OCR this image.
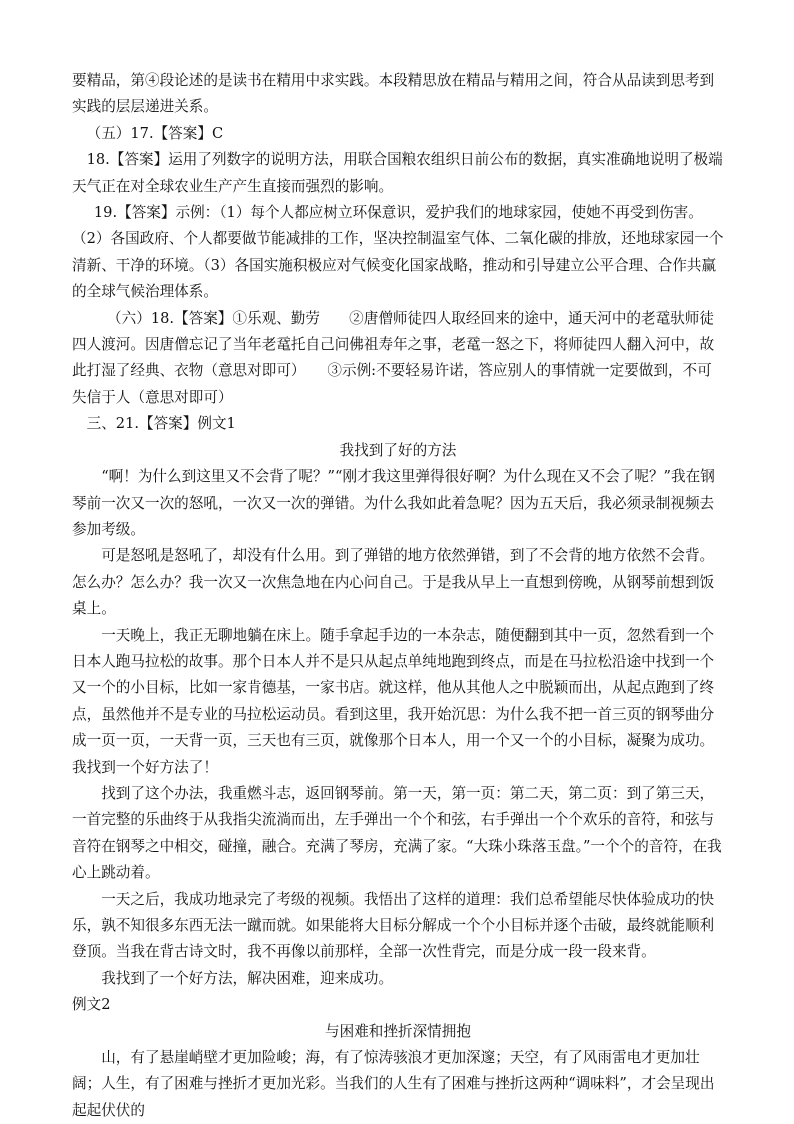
要精品，第④段论述的是读书在精用中求实践。本段精思放在精品与精用之间，符合从品读到思考到实践的层层递进关系。

（五）17.【答案】C

18.【答案】运用了列数字的说明方法，用联合国粮农组织日前公布的数据，真实准确地说明了极端天气正在对全球农业生产产生直接而强烈的影响。

19.【答案】示例：（1）每个人都应树立环保意识，爱护我们的地球家园，使她不再受到伤害。（2）各国政府、个人都要做节能减排的工作，坚决控制温室气体、二氧化碳的排放，还地球家园一个清新、干净的环境。（3）各国实施积极应对气候变化国家战略，推动和引导建立公平合理、合作共赢的全球气候治理体系。

（六）18.【答案】①乐观、勤劳　　②唐僧师徒四人取经回来的途中，通天河中的老鼋驮师徒四人渡河。因唐僧忘记了当年老鼋托自己问佛祖寿年之事，老鼋一怒之下，将师徒四人翻入河中，故此打湿了经典、衣物（意思对即可）　　③示例:不要轻易许诺，答应别人的事情就一定要做到，不可失信于人（意思对即可）

三、21.【答案】例文1

我找到了好的方法

“啊！为什么到这里又不会背了呢？”“刚才我这里弹得很好啊？为什么现在又不会了呢？”我在钢琴前一次又一次的怒吼，一次又一次的弹错。为什么我如此着急呢？因为五天后，我必须录制视频去参加考级。

可是怒吼是怒吼了，却没有什么用。到了弹错的地方依然弹错，到了不会背的地方依然不会背。怎么办？怎么办？我一次又一次焦急地在内心问自己。于是我从早上一直想到傍晚，从钢琴前想到饭桌上。

一天晚上，我正无聊地躺在床上。随手拿起手边的一本杂志，随便翻到其中一页，忽然看到一个日本人跑马拉松的故事。那个日本人并不是只从起点单纯地跑到终点，而是在马拉松沿途中找到一个又一个的小目标，比如一家肯德基，一家书店。就这样，他从其他人之中脱颖而出，从起点跑到了终点，虽然他并不是专业的马拉松运动员。看到这里，我开始沉思：为什么我不把一首三页的钢琴曲分成一页一页，一天背一页，三天也有三页，就像那个日本人，用一个又一个的小目标，凝聚为成功。我找到一个好方法了！

找到了这个办法，我重燃斗志，返回钢琴前。第一天，第一页：第二天，第二页：到了第三天，一首完整的乐曲终于从我指尖流淌而出，左手弹出一个个和弦，右手弹出一个个欢乐的音符，和弦与音符在钢琴之中相交，碰撞，融合。充满了琴房，充满了家。“大珠小珠落玉盘。”一个个的音符，在我心上跳动着。

一天之后，我成功地录完了考级的视频。我悟出了这样的道理：我们总希望能尽快体验成功的快乐，孰不知很多东西无法一蹴而就。如果能将大目标分解成一个个小目标并逐个击破，最终就能顺利登顶。当我在背古诗文时，我不再像以前那样，全部一次性背完，而是分成一段一段来背。

我找到了一个好方法，解决困难，迎来成功。

例文2

与困难和挫折深情拥抱

山，有了悬崖峭壁才更加险峻；海，有了惊涛骇浪才更加深邃；天空，有了风雨雷电才更加壮阔；人生，有了困难与挫折才更加光彩。当我们的人生有了困难与挫折这两种“调味料”，才会呈现出起起伏伏的
